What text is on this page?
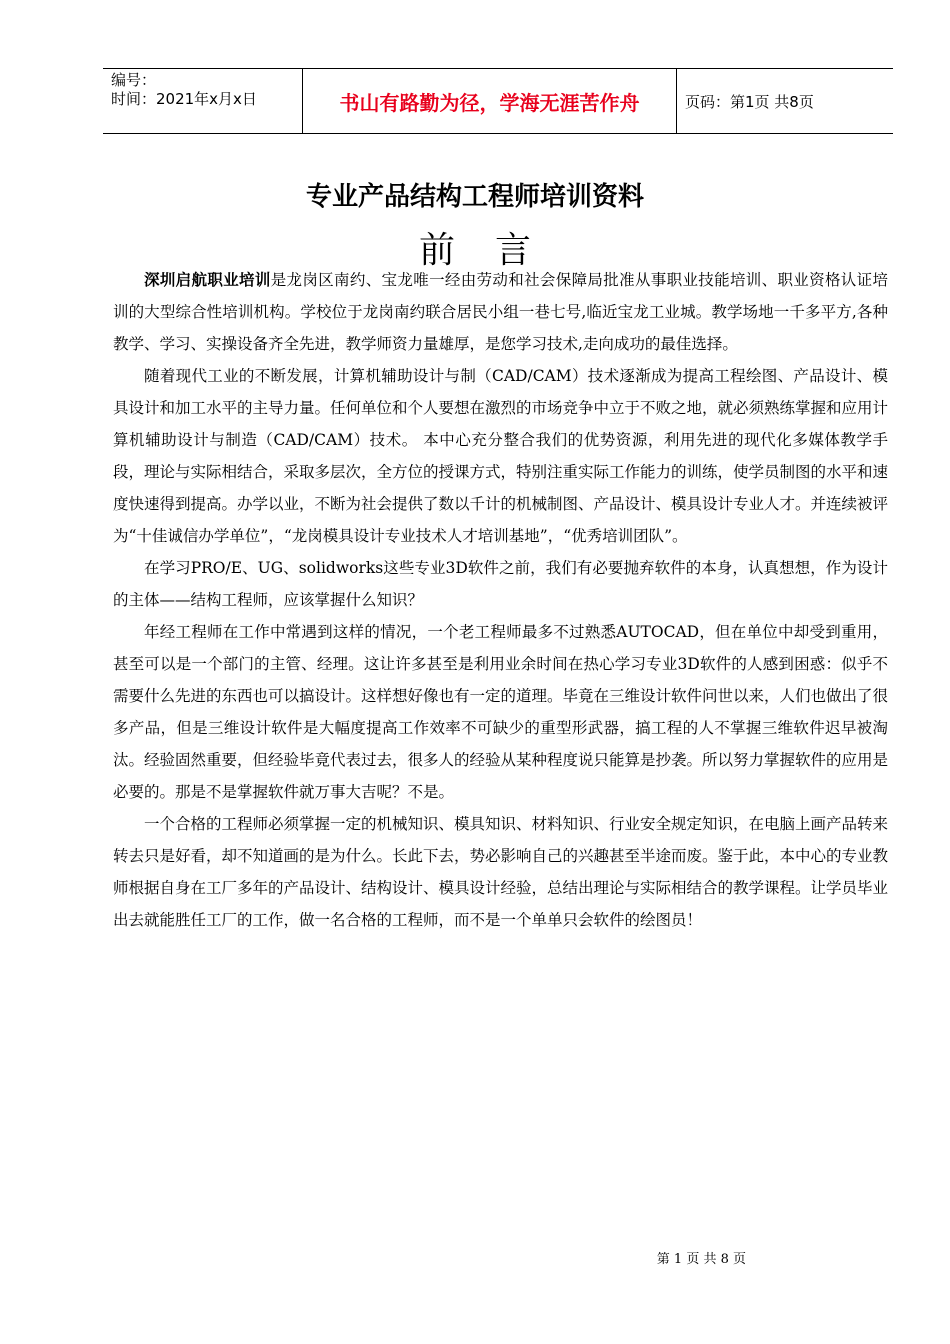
编号：
时间：2021年x月x日	书山有路勤为径，学海无涯苦作舟	页码：第1页 共8页
专业产品结构工程师培训资料
前言

深圳启航职业培训是龙岗区南约、宝龙唯一经由劳动和社会保障局批准从事职业技能培训、职业资格认证培训的大型综合性培训机构。学校位于龙岗南约联合居民小组一巷七号,临近宝龙工业城。教学场地一千多平方,各种教学、学习、实操设备齐全先进，教学师资力量雄厚，是您学习技术,走向成功的最佳选择。

随着现代工业的不断发展，计算机辅助设计与制（CAD/CAM）技术逐渐成为提高工程绘图、产品设计、模具设计和加工水平的主导力量。任何单位和个人要想在激烈的市场竞争中立于不败之地，就必须熟练掌握和应用计算机辅助设计与制造（CAD/CAM）技术。 本中心充分整合我们的优势资源，利用先进的现代化多媒体教学手段，理论与实际相结合，采取多层次，全方位的授课方式，特别注重实际工作能力的训练，使学员制图的水平和速度快速得到提高。办学以业，不断为社会提供了数以千计的机械制图、产品设计、模具设计专业人才。并连续被评为“十佳诚信办学单位”，“龙岗模具设计专业技术人才培训基地”，“优秀培训团队”。

在学习PRO/E、UG、solidworks这些专业3D软件之前，我们有必要抛弃软件的本身，认真想想，作为设计的主体——结构工程师，应该掌握什么知识？

年经工程师在工作中常遇到这样的情况，一个老工程师最多不过熟悉AUTOCAD，但在单位中却受到重用，甚至可以是一个部门的主管、经理。这让许多甚至是利用业余时间在热心学习专业3D软件的人感到困惑：似乎不需要什么先进的东西也可以搞设计。这样想好像也有一定的道理。毕竟在三维设计软件问世以来，人们也做出了很多产品，但是三维设计软件是大幅度提高工作效率不可缺少的重型形武器，搞工程的人不掌握三维软件迟早被淘汰。经验固然重要，但经验毕竟代表过去，很多人的经验从某种程度说只能算是抄袭。所以努力掌握软件的应用是必要的。那是不是掌握软件就万事大吉呢？不是。

一个合格的工程师必须掌握一定的机械知识、模具知识、材料知识、行业安全规定知识，在电脑上画产品转来转去只是好看，却不知道画的是为什么。长此下去，势必影响自己的兴趣甚至半途而废。鉴于此，本中心的专业教师根据自身在工厂多年的产品设计、结构设计、模具设计经验，总结出理论与实际相结合的教学课程。让学员毕业出去就能胜任工厂的工作，做一名合格的工程师，而不是一个单单只会软件的绘图员！

第 1 页 共 8 页
